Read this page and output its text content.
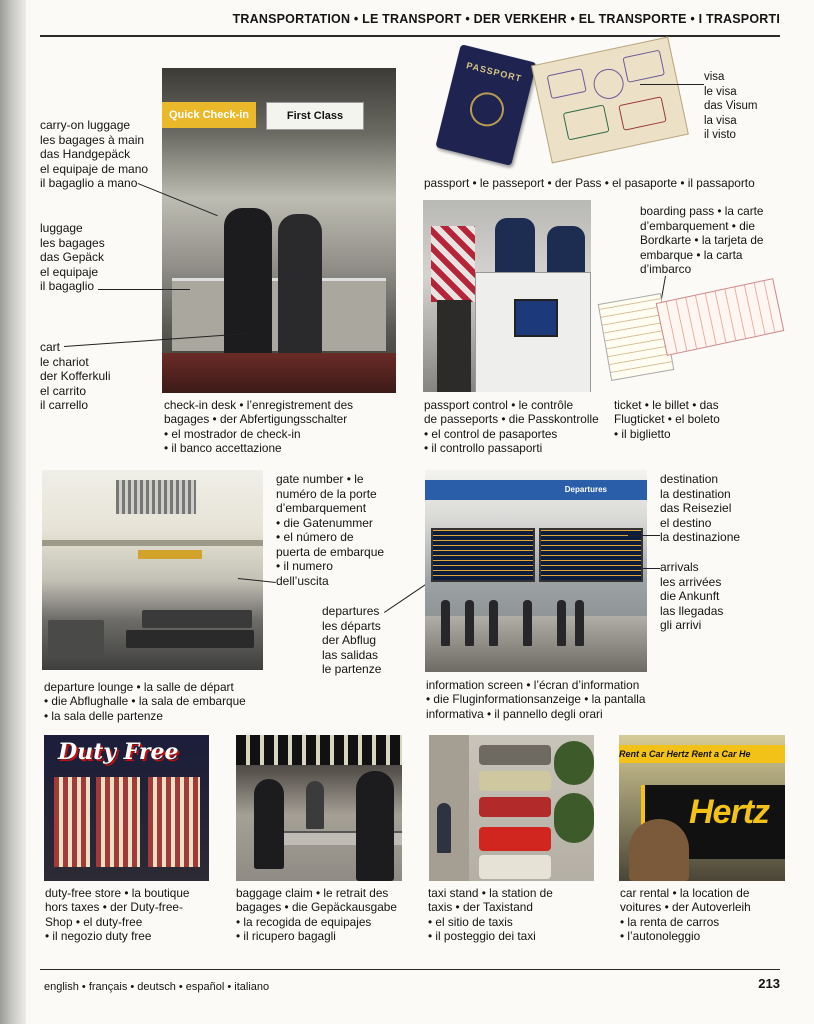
TRANSPORTATION • LE TRANSPORT • DER VERKEHR • EL TRANSPORTE • I TRASPORTI
Quick Check-in	First Class
carry-on luggage
les bagages à main
das Handgepäck
el equipaje de mano
il bagaglio a mano
luggage
les bagages
das Gepäck
el equipaje
il bagaglio
cart
le chariot
der Kofferkuli
el carrito
il carrello	check-in desk • l’enregistrement des
bagages • der Abfertigungsschalter
• el mostrador de check-in
• il banco accettazione
PASSPORT	visa
le visa
das Visum
la visa
il visto
passport • le passeport • der Pass • el pasaporte • il passaporto
passport control • le contrôle
de passeports • die Passkontrolle
• el control de pasaportes
• il controllo passaporti
boarding pass • la carte
d’embarquement • die
Bordkarte • la tarjeta de
embarque • la carta
d’imbarco
ticket • le billet • das
Flugticket • el boleto
• il biglietto
gate number • le
numéro de la porte
d’embarquement
• die Gatenummer
• el número de
puerta de embarque
• il numero
dell’uscita
departure lounge • la salle de départ
• die Abflughalle • la sala de embarque
• la sala delle partenze
departures
les départs
der Abflug
las salidas
le partenze
Departures
destination
la destination
das Reiseziel
el destino
la destinazione
arrivals
les arrivées
die Ankunft
las llegadas
gli arrivi
information screen • l’écran d’information
• die Fluginformationsanzeige • la pantalla
informativa • il pannello degli orari
Duty Free
duty-free store • la boutique
hors taxes • der Duty-free-
Shop • el duty-free
• il negozio duty free
baggage claim • le retrait des
bagages • die Gepäckausgabe
• la recogida de equipajes
• il ricupero bagagli
taxi stand • la station de
taxis • der Taxistand
• el sitio de taxis
• il posteggio dei taxi
Rent a Car Hertz Rent a Car He
Hertz
car rental • la location de
voitures • der Autoverleih
• la renta de carros
• l’autonoleggio
english • français • deutsch • español • italiano	213
